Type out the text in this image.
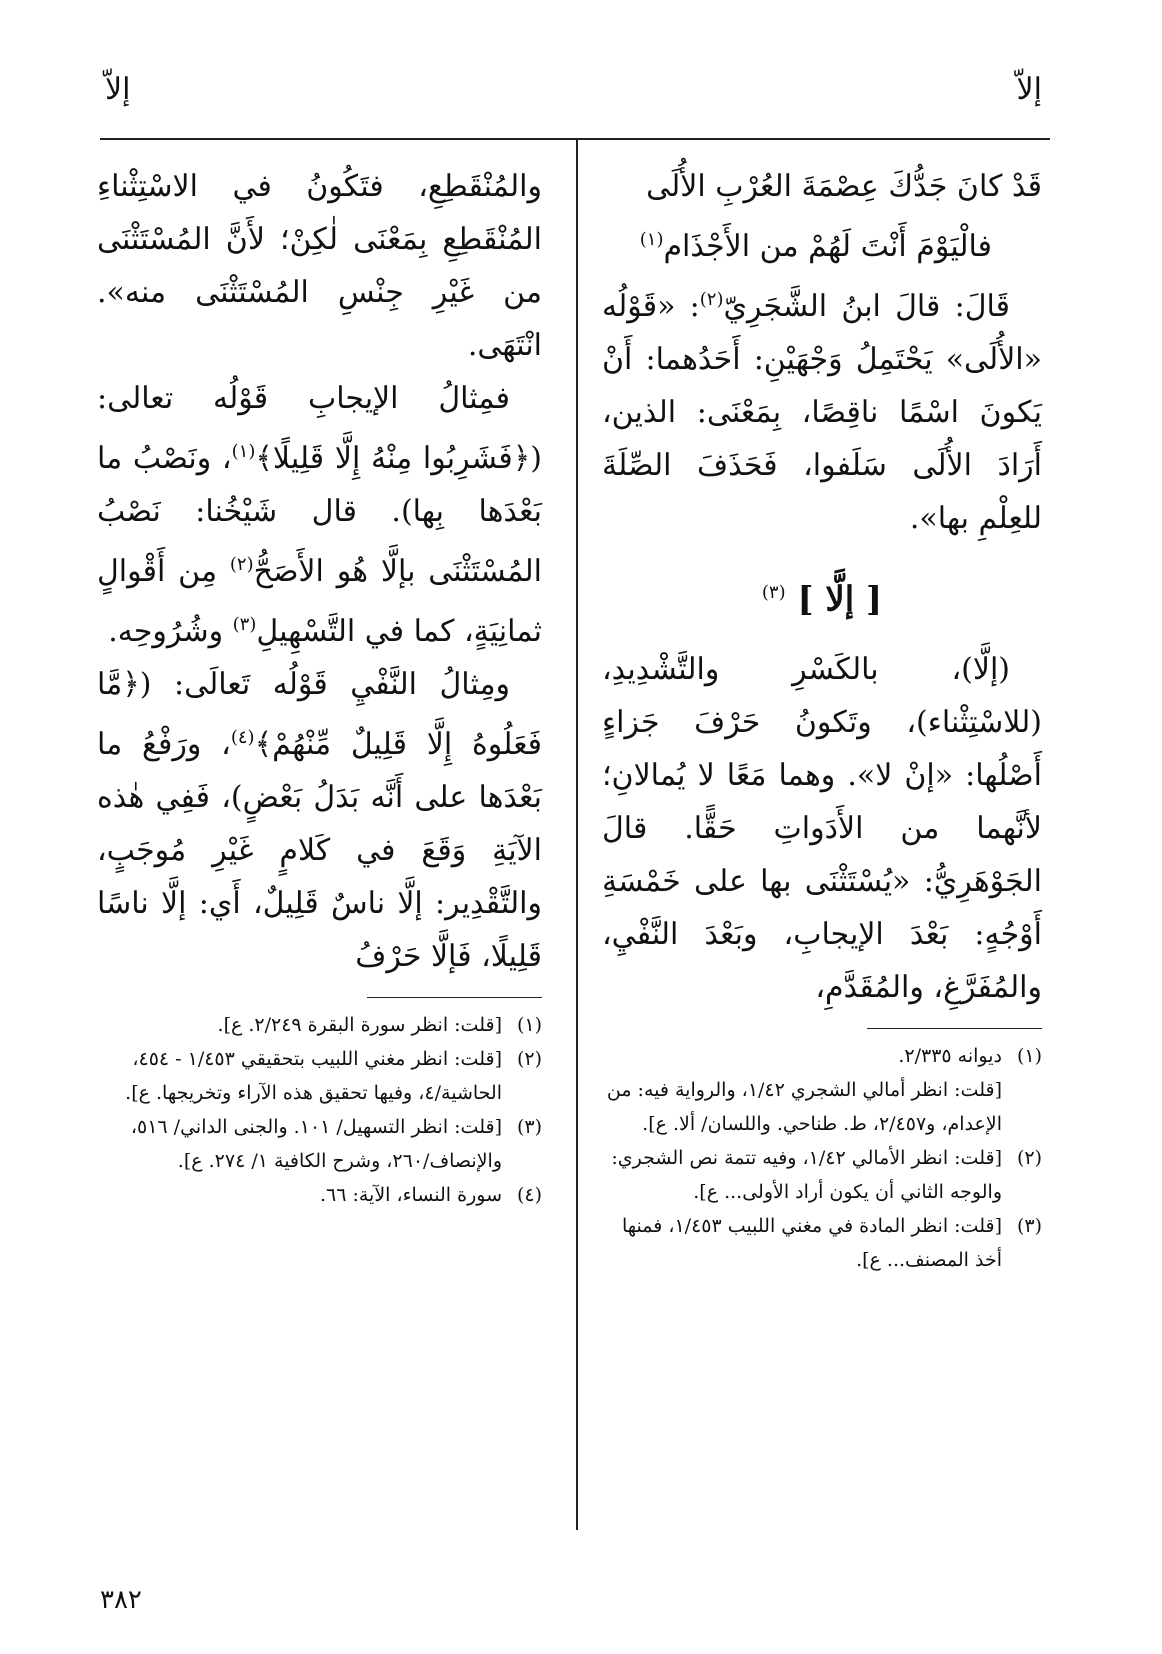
إلاّ
إلاّ

قَدْ كانَ جَدُّكَ عِصْمَةَ العُرْبِ الأُلَى

فالْيَوْمَ أَنْتَ لَهُمْ من الأَجْذَام$^{(١)}$

قَالَ: قالَ ابنُ الشَّجَرِيّ$^{(٢)}$: «قَوْلُه «الأُلَى» يَحْتَمِلُ وَجْهَيْنِ: أَحَدُهما: أَنْ يَكونَ اسْمًا ناقِصًا، بِمَعْنَى: الذين، أَرَادَ الأُلَى سَلَفوا، فَحَذَفَ الصِّلَةَ للعِلْمِ بها».

[ إلَّا ] $^{(٣)}$

(إلَّا)، بالكَسْرِ والتَّشْدِيدِ، (للاسْتِثْناء)، وتَكونُ حَرْفَ جَزاءٍ أَصْلُها: «إنْ لا». وهما مَعًا لا يُمالانِ؛ لأنَّهما من الأَدَواتِ حَقًّا. قالَ الجَوْهَرِيُّ: «يُسْتَثْنَى بها على خَمْسَةِ أَوْجُهٍ: بَعْدَ الإيجابِ، وبَعْدَ النَّفْيِ، والمُفَرَّغِ، والمُقَدَّمِ،

(١)
ديوانه ٢/٣٣٥.
[قلت: انظر أمالي الشجري ١/٤٢، والرواية فيه: من الإعدام، و٢/٤٥٧، ط. طناحي. واللسان/ ألا. ع].
(٢)
[قلت: انظر الأمالي ١/٤٢، وفيه تتمة نص الشجري: والوجه الثاني أن يكون أراد الأولى... ع].
(٣)
[قلت: انظر المادة في مغني اللبيب ١/٤٥٣، فمنها أخذ المصنف... ع].

والمُنْقَطِعِ، فتَكُونُ في الاسْتِثْناءِ المُنْقَطِعِ بِمَعْنَى لٰكِنْ؛ لأَنَّ المُسْتَثْنَى من غَيْرِ جِنْسِ المُسْتَثْنَى منه». انْتَهَى.

فمِثالُ الإيجابِ قَوْلُه تعالى: (﴿فَشَرِبُوا مِنْهُ إِلَّا قَلِيلًا﴾$^{(١)}$، ونَصْبُ ما بَعْدَها بِها). قال شَيْخُنا: نَصْبُ المُسْتَثْنَى بإلَّا هُو الأَصَحُّ$^{(٢)}$ مِن أَقْوالٍ ثمانِيَةٍ، كما في التَّسْهِيلِ$^{(٣)}$ وشُرُوحِه.

ومِثالُ النَّفْيِ قَوْلُه تَعالَى: (﴿مَّا فَعَلُوهُ إِلَّا قَلِيلٌ مِّنْهُمْ﴾$^{(٤)}$، ورَفْعُ ما بَعْدَها على أَنَّه بَدَلُ بَعْضٍ)، فَفِي هٰذه الآيَةِ وَقَعَ في كَلامٍ غَيْرِ مُوجَبٍ، والتَّقْدِير: إلَّا ناسٌ قَلِيلٌ، أَي: إلَّا ناسًا قَلِيلًا، فَإلَّا حَرْفُ

(١)
[قلت: انظر سورة البقرة ٢/٢٤٩. ع].
(٢)
[قلت: انظر مغني اللبيب بتحقيقي ١/٤٥٣ - ٤٥٤، الحاشية/٤، وفيها تحقيق هذه الآراء وتخريجها. ع].
(٣)
[قلت: انظر التسهيل/ ١٠١. والجنى الداني/ ٥١٦، والإنصاف/٢٦٠، وشرح الكافية ١/ ٢٧٤. ع].
(٤)
سورة النساء، الآية: ٦٦.
٣٨٢
